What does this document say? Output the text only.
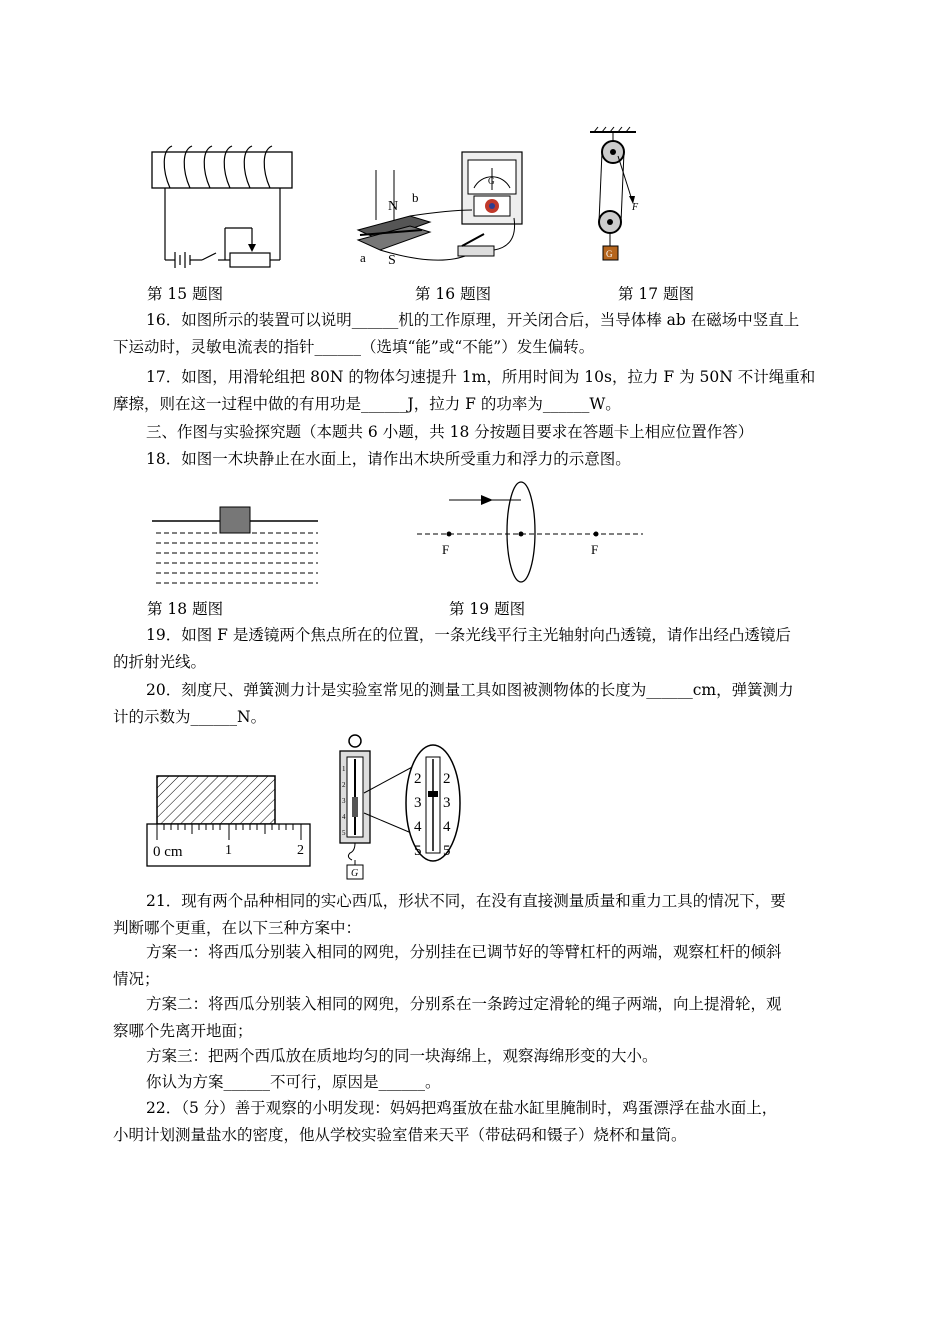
第 15 题图
G
N
b
a S
第 16 题图
F
G
第 17 题图
16．如图所示的装置可以说明______机的工作原理，开关闭合后，当导体棒 ab 在磁场中竖直上
下运动时，灵敏电流表的指针______（选填“能”或“不能”）发生偏转。
17．如图，用滑轮组把 80N 的物体匀速提升 1m，所用时间为 10s，拉力 F 为 50N 不计绳重和
摩擦，则在这一过程中做的有用功是______J，拉力 F 的功率为______W。
三、作图与实验探究题（本题共 6 小题，共 18 分按题目要求在答题卡上相应位置作答）
18．如图一木块静止在水面上，请作出木块所受重力和浮力的示意图。
第 18 题图
F	F
第 19 题图
19．如图 F 是透镜两个焦点所在的位置，一条光线平行主光轴射向凸透镜，请作出经凸透镜后
的折射光线。
20．刻度尺、弹簧测力计是实验室常见的测量工具如图被测物体的长度为______cm，弹簧测力
计的示数为______N。
0 cm	1	2
1
2
3
4
5
G
2
3
4
5
2
3
4
5
21．现有两个品种相同的实心西瓜，形状不同，在没有直接测量质量和重力工具的情况下，要
判断哪个更重，在以下三种方案中：
方案一：将西瓜分别装入相同的网兜，分别挂在已调节好的等臂杠杆的两端，观察杠杆的倾斜
情况；
方案二：将西瓜分别装入相同的网兜，分别系在一条跨过定滑轮的绳子两端，向上提滑轮，观
察哪个先离开地面；
方案三：把两个西瓜放在质地均匀的同一块海绵上，观察海绵形变的大小。
你认为方案______不可行，原因是______。
22．（5 分）善于观察的小明发现：妈妈把鸡蛋放在盐水缸里腌制时，鸡蛋漂浮在盐水面上，
小明计划测量盐水的密度，他从学校实验室借来天平（带砝码和镊子）烧杯和量筒。
